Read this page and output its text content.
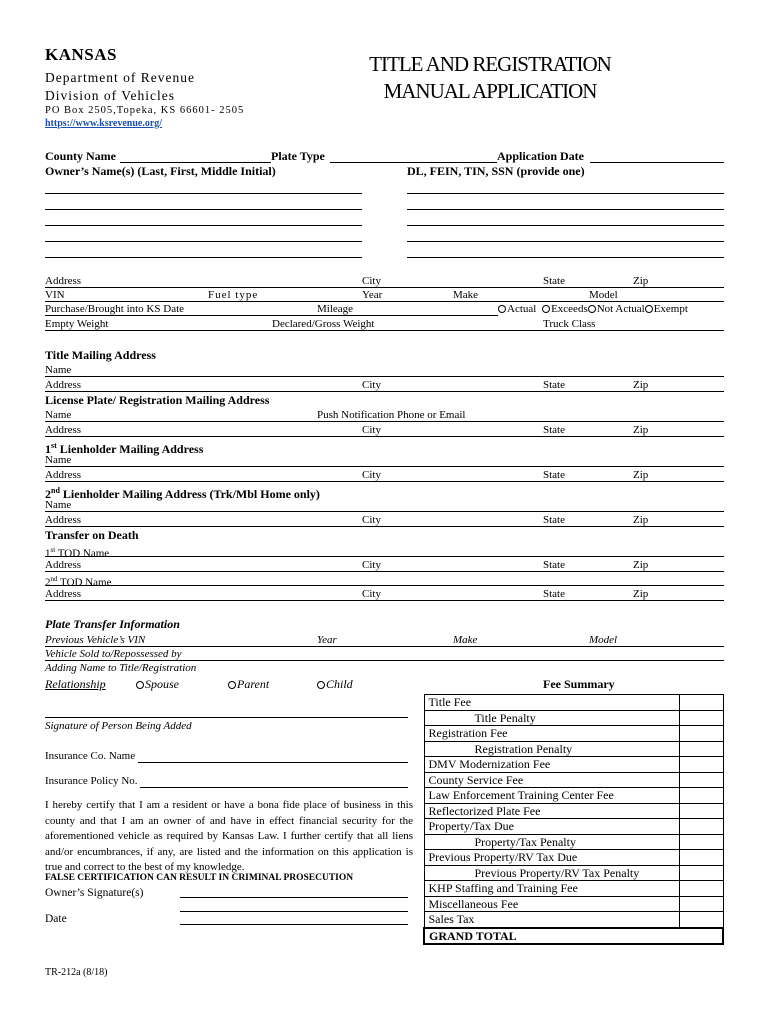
KANSAS
Department of Revenue
Division of Vehicles
PO Box 2505,Topeka, KS 66601- 2505
https://www.ksrevenue.org/
TITLE AND REGISTRATION
MANUAL APPLICATION
County Name	Plate Type	Application Date
Owner’s Name(s) (Last, First, Middle Initial)	DL, FEIN, TIN, SSN (provide one)
Address	City	State	Zip
VIN	Fuel type	Year	Make	Model
Purchase/Brought into KS Date	Mileage	Actual Exceeds Not Actual Exempt
Empty Weight	Declared/Gross Weight	Truck Class
Title Mailing Address
Name
Address	City	State	Zip
License Plate/ Registration Mailing Address
Name	Push Notification Phone or Email
Address	City	State	Zip
1st Lienholder Mailing Address
Name
Address	City	State	Zip
2nd Lienholder Mailing Address (Trk/Mbl Home only)
Name
Address	City	State	Zip
Transfer on Death
1st TOD Name
Address	City	State	Zip
2nd TOD Name
Address	City	State	Zip
Plate Transfer Information
Previous Vehicle’s VIN	Year	Make	Model
Vehicle Sold to/Repossessed by
Adding Name to Title/Registration
Relationship	Spouse	Parent	Child
Signature of Person Being Added
Insurance Co. Name
Insurance Policy No.
I hereby certify that I am a resident or have a bona fide place of business in this county and that I am an owner of and have in effect financial security for the aforementioned vehicle as required by Kansas Law. I further certify that all liens and/or encumbrances, if any, are listed and the information on this application is true and correct to the best of my knowledge.
FALSE CERTIFICATION CAN RESULT IN CRIMINAL PROSECUTION
Owner’s Signature(s)
Date
Fee Summary
Title Fee	
Title Penalty	
Registration Fee	
Registration Penalty	
DMV Modernization Fee	
County Service Fee	
Law Enforcement Training Center Fee	
Reflectorized Plate Fee	
Property/Tax Due	
Property/Tax Penalty	
Previous Property/RV Tax Due	
Previous Property/RV Tax Penalty	
KHP Staffing and Training Fee	
Miscellaneous Fee	
Sales Tax	
GRAND TOTAL	
TR-212a (8/18)
